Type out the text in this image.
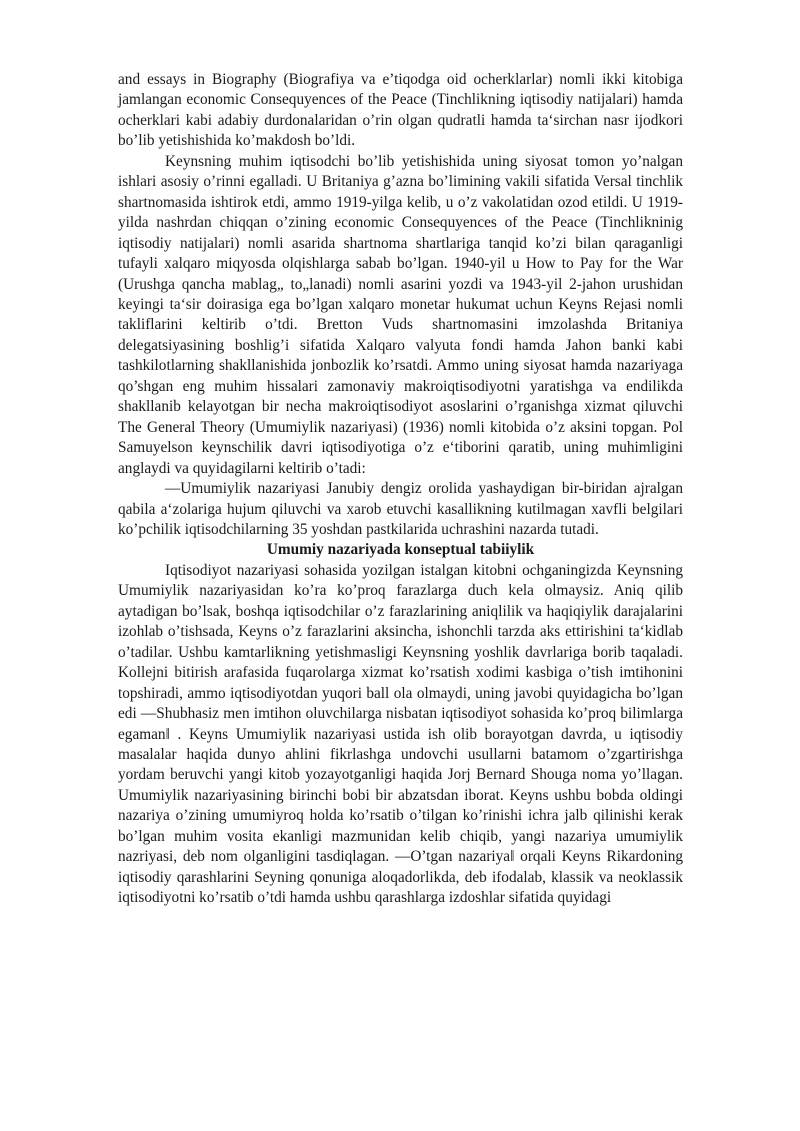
and essays in Biography (Biografiya va e’tiqodga oid ocherklarlar) nomli ikki kitobiga jamlangan economic Consequyences of the Peace (Tinchlikning iqtisodiy natijalari) hamda ocherklari kabi adabiy durdonalaridan o’rin olgan qudratli hamda ta‘sirchan nasr ijodkori bo’lib yetishishida ko’makdosh bo’ldi.

Keynsning muhim iqtisodchi bo’lib yetishishida uning siyosat tomon yo’nalgan ishlari asosiy o’rinni egalladi. U Britaniya g’azna bo’limining vakili sifatida Versal tinchlik shartnomasida ishtirok etdi, ammo 1919-yilga kelib, u o’z vakolatidan ozod etildi. U 1919-yilda nashrdan chiqqan o’zining economic Consequyences of the Peace (Tinchlikninig iqtisodiy natijalari) nomli asarida shartnoma shartlariga tanqid ko’zi bilan qaraganligi tufayli xalqaro miqyosda olqishlarga sabab bo’lgan. 1940-yil u How to Pay for the War (Urushga qancha mablag„ to„lanadi) nomli asarini yozdi va 1943-yil 2-jahon urushidan keyingi ta‘sir doirasiga ega bo’lgan xalqaro monetar hukumat uchun Keyns Rejasi nomli takliflarini keltirib o’tdi. Bretton Vuds shartnomasini imzolashda Britaniya delegatsiyasining boshlig’i sifatida Xalqaro valyuta fondi hamda Jahon banki kabi tashkilotlarning shakllanishida jonbozlik ko’rsatdi. Ammo uning siyosat hamda nazariyaga qo’shgan eng muhim hissalari zamonaviy makroiqtisodiyotni yaratishga va endilikda shakllanib kelayotgan bir necha makroiqtisodiyot asoslarini o’rganishga xizmat qiluvchi The General Theory (Umumiylik nazariyasi) (1936) nomli kitobida o’z aksini topgan. Pol Samuyelson keynschilik davri iqtisodiyotiga o’z e‘tiborini qaratib, uning muhimligini anglaydi va quyidagilarni keltirib o’tadi:

―Umumiylik nazariyasi Janubiy dengiz orolida yashaydigan bir-biridan ajralgan qabila a‘zolariga hujum qiluvchi va xarob etuvchi kasallikning kutilmagan xavfli belgilari ko’pchilik iqtisodchilarning 35 yoshdan pastkilarida uchrashini nazarda tutadi.

Umumiy nazariyada konseptual tabiiylik

Iqtisodiyot nazariyasi sohasida yozilgan istalgan kitobni ochganingizda Keynsning Umumiylik nazariyasidan ko’ra ko’proq farazlarga duch kela olmaysiz. Aniq qilib aytadigan bo’lsak, boshqa iqtisodchilar o’z farazlarining aniqlilik va haqiqiylik darajalarini izohlab o’tishsada, Keyns o’z farazlarini aksincha, ishonchli tarzda aks ettirishini ta‘kidlab o’tadilar. Ushbu kamtarlikning yetishmasligi Keynsning yoshlik davrlariga borib taqaladi. Kollejni bitirish arafasida fuqarolarga xizmat ko’rsatish xodimi kasbiga o’tish imtihonini topshiradi, ammo iqtisodiyotdan yuqori ball ola olmaydi, uning javobi quyidagicha bo’lgan edi ―Shubhasiz men imtihon oluvchilarga nisbatan iqtisodiyot sohasida ko’proq bilimlarga egaman‖ . Keyns Umumiylik nazariyasi ustida ish olib borayotgan davrda, u iqtisodiy masalalar haqida dunyo ahlini fikrlashga undovchi usullarni batamom o’zgartirishga yordam beruvchi yangi kitob yozayotganligi haqida Jorj Bernard Shouga noma yo’llagan. Umumiylik nazariyasining birinchi bobi bir abzatsdan iborat. Keyns ushbu bobda oldingi nazariya o’zining umumiyroq holda ko’rsatib o’tilgan ko’rinishi ichra jalb qilinishi kerak bo’lgan muhim vosita ekanligi mazmunidan kelib chiqib, yangi nazariya umumiylik nazriyasi, deb nom olganligini tasdiqlagan. ―O’tgan nazariya‖ orqali Keyns Rikardoning iqtisodiy qarashlarini Seyning qonuniga aloqadorlikda, deb ifodalab, klassik va neoklassik iqtisodiyotni ko’rsatib o’tdi hamda ushbu qarashlarga izdoshlar sifatida quyidagi
